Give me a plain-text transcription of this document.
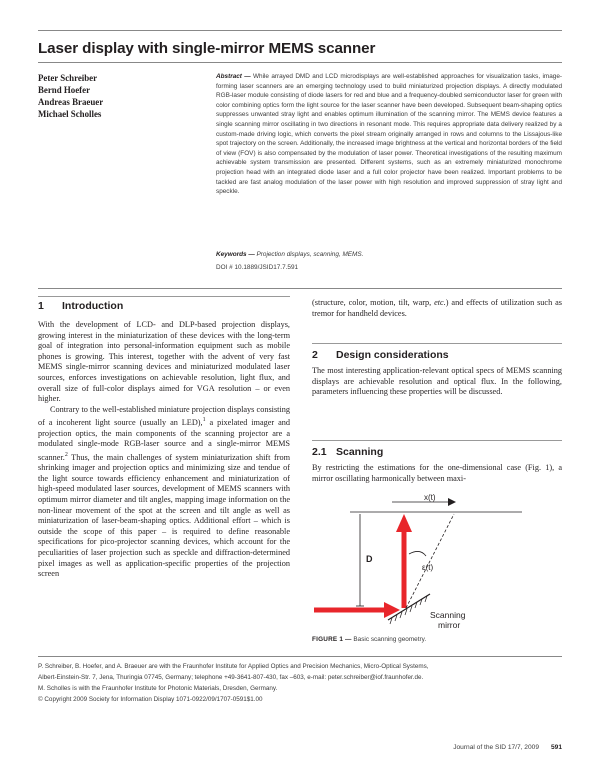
Laser display with single-mirror MEMS scanner
Peter Schreiber
Bernd Hoefer
Andreas Braeuer
Michael Scholles
Abstract — While arrayed DMD and LCD microdisplays are well-established approaches for visualization tasks, image-forming laser scanners are an emerging technology used to build miniaturized projection displays. A directly modulated RGB-laser module consisting of diode lasers for red and blue and a frequency-doubled semiconductor laser for green with color combining optics form the light source for the laser scanner have been developed. Subsequent beam-shaping optics suppresses unwanted stray light and enables optimum illumination of the scanning mirror. The MEMS device features a single scanning mirror oscillating in two directions in resonant mode. This requires appropriate data delivery realized by a custom-made driving logic, which converts the pixel stream originally arranged in rows and columns to the Lissajous-like spot trajectory on the screen. Additionally, the increased image brightness at the vertical and horizontal borders of the field of view (FOV) is also compensated by the modulation of laser power. Theoretical investigations of the resulting maximum achievable system transmission are presented. Different systems, such as an extremely miniaturized monochrome projection head with an integrated diode laser and a full color projector have been realized. Important problems to be tackled are fast analog modulation of the laser power with high resolution and improved suppression of stray light and speckle.
Keywords — Projection displays, scanning, MEMS.
DOI # 10.1889/JSID17.7.591
1 Introduction

With the development of LCD- and DLP-based projection displays, growing interest in the miniaturization of these devices with the long-term goal of integration into personal-information equipment such as mobile phones is growing. This interest, together with the advent of very fast MEMS single-mirror scanning devices and miniaturized modulated laser sources, enforces investigations on achievable resolution, light flux, and overall size of full-color displays aimed for VGA resolution – or even higher.

Contrary to the well-established miniature projection displays consisting of a incoherent light source (usually an LED),$^1$ a pixelated imager and projection optics, the main components of the scanning projector are a modulated single-mode RGB-laser source and a single-mirror MEMS scanner.$^2$ Thus, the main challenges of system miniaturization shift from shrinking imager and projection optics and minimizing size and tendue of the light source towards efficiency enhancement and miniaturization of high-speed modulated laser sources, development of MEMS scanners with optimum mirror diameter and tilt angles, mapping image information on the non-linear movement of the spot at the screen and tilt angle as well as miniaturization of laser-beam-shaping optics. Additional effort – which is outside the scope of this paper – is required to define reasonable specifications for pico-projector scanning devices, which account for the peculiarities of laser projection such as speckle and diffraction-determined pixel images as well as application-specific properties of the projection screen

(structure, color, motion, tilt, warp, etc.) and effects of utilization such as tremor for handheld devices.

2 Design considerations

The most interesting application-relevant optical specs of MEMS scanning displays are achievable resolution and optical flux. In the following, parameters influencing these properties will be discussed.

2.1 Scanning

By restricting the estimations for the one-dimensional case (Fig. 1), a mirror oscillating harmonically between maxi-

x(t)
D
ε(t)
Scanning
mirror
FIGURE 1 — Basic scanning geometry.
P. Schreiber, B. Hoefer, and A. Braeuer are with the Fraunhofer Institute for Applied Optics and Precision Mechanics, Micro-Optical Systems,
Albert-Einstein-Str. 7, Jena, Thuringia 07745, Germany; telephone +49-3641-807-430, fax –603, e-mail: peter.schreiber@iof.fraunhofer.de.
M. Scholles is with the Fraunhofer Institute for Photonic Materials, Dresden, Germany.
© Copyright 2009 Society for Information Display 1071-0922/09/1707-0591$1.00
Journal of the SID 17/7, 2009 591
